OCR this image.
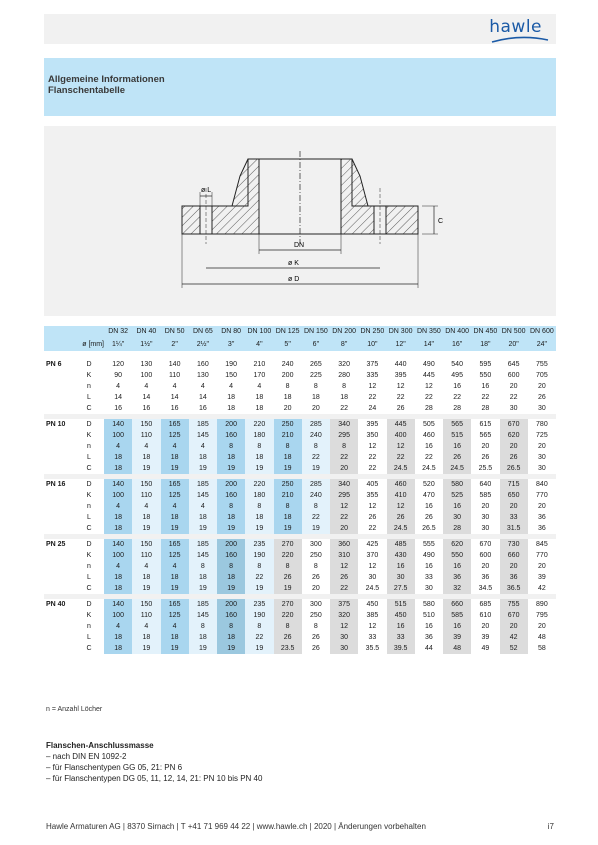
hawle
Allgemeine Informationen
Flanschentabelle
ø L
DN
ø K
ø D
C
		DN 32	DN 40	DN 50	DN 65	DN 80	DN 100	DN 125	DN 150	DN 200	DN 250	DN 300	DN 350	DN 400	DN 450	DN 500	DN 600
	ø [mm]	1¼"	1½"	2"	2½"	3"	4"	5"	6"	8"	10"	12"	14"	16"	18"	20"	24"

PN 6	D	120	130	140	160	190	210	240	265	320	375	440	490	540	595	645	755
	K	90	100	110	130	150	170	200	225	280	335	395	445	495	550	600	705
	n	4	4	4	4	4	4	8	8	8	12	12	12	16	16	20	20
	L	14	14	14	14	18	18	18	18	18	22	22	22	22	22	22	26
	C	16	16	16	16	18	18	20	20	22	24	26	28	28	28	30	30

PN 10	D	140	150	165	185	200	220	250	285	340	395	445	505	565	615	670	780
	K	100	110	125	145	160	180	210	240	295	350	400	460	515	565	620	725
	n	4	4	4	4	8	8	8	8	8	12	12	16	16	20	20	20
	L	18	18	18	18	18	18	18	22	22	22	22	22	26	26	26	30
	C	18	19	19	19	19	19	19	19	20	22	24.5	24.5	24.5	25.5	26.5	30

PN 16	D	140	150	165	185	200	220	250	285	340	405	460	520	580	640	715	840
	K	100	110	125	145	160	180	210	240	295	355	410	470	525	585	650	770
	n	4	4	4	4	8	8	8	8	12	12	12	16	16	20	20	20
	L	18	18	18	18	18	18	18	22	22	26	26	26	30	30	33	36
	C	18	19	19	19	19	19	19	19	20	22	24.5	26.5	28	30	31.5	36

PN 25	D	140	150	165	185	200	235	270	300	360	425	485	555	620	670	730	845
	K	100	110	125	145	160	190	220	250	310	370	430	490	550	600	660	770
	n	4	4	4	8	8	8	8	8	12	12	16	16	16	20	20	20
	L	18	18	18	18	18	22	26	26	26	30	30	33	36	36	36	39
	C	18	19	19	19	19	19	19	20	22	24.5	27.5	30	32	34.5	36.5	42

PN 40	D	140	150	165	185	200	235	270	300	375	450	515	580	660	685	755	890
	K	100	110	125	145	160	190	220	250	320	385	450	510	585	610	670	795
	n	4	4	4	8	8	8	8	8	12	12	16	16	16	20	20	20
	L	18	18	18	18	18	22	26	26	30	33	33	36	39	39	42	48
	C	18	19	19	19	19	19	23.5	26	30	35.5	39.5	44	48	49	52	58
n = Anzahl Löcher
Flanschen-Anschlussmasse
– nach DIN EN 1092-2
– für Flanschentypen GG 05, 21: PN 6
– für Flanschentypen DG 05, 11, 12, 14, 21: PN 10 bis PN 40
Hawle Armaturen AG | 8370 Sirnach | T +41 71 969 44 22 | www.hawle.ch | 2020 | Änderungen vorbehalten	i7
